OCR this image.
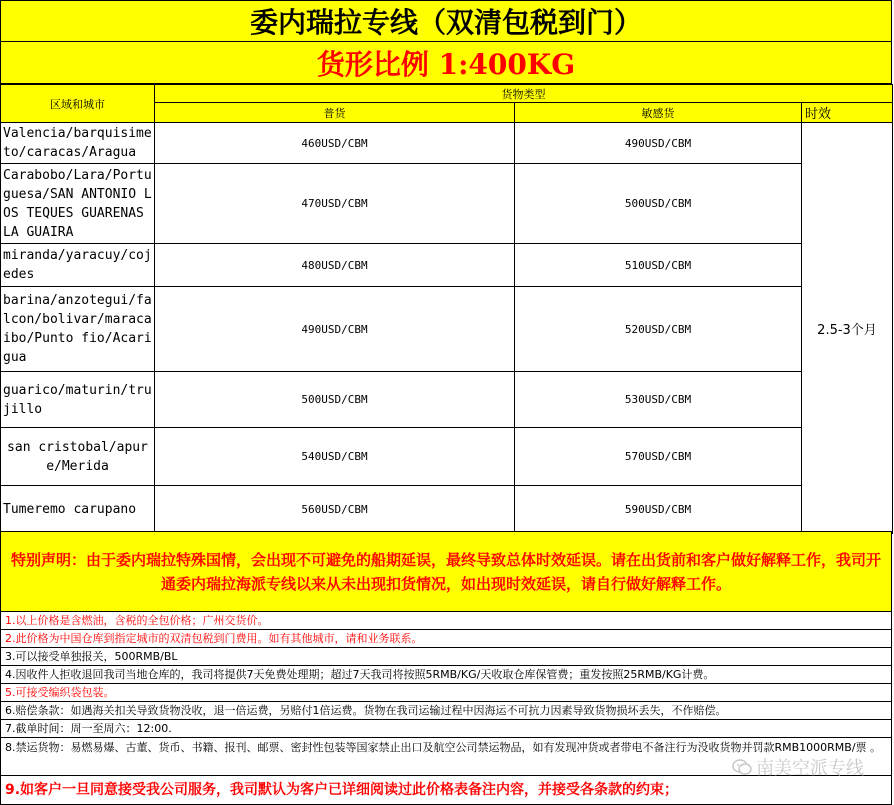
委内瑞拉专线（双清包税到门）
货形比例 1:400KG
区域和城市	货物类型		
	普货	敏感货	时效
Valencia/barquisimeto/caracas/Aragua	460USD/CBM	490USD/CBM	2.5-3个月
Carabobo/Lara/Portuguesa/SAN ANTONIO LOS TEQUES GUARENAS LA GUAIRA	470USD/CBM	500USD/CBM	
miranda/yaracuy/cojedes	480USD/CBM	510USD/CBM	
barina/anzotegui/falcon/bolivar/maracaibo/Punto fio/Acarigua	490USD/CBM	520USD/CBM	
guarico/maturin/trujillo	500USD/CBM	530USD/CBM	
san cristobal/apure/Merida	540USD/CBM	570USD/CBM	
Tumeremo carupano	560USD/CBM	590USD/CBM	
特别声明：由于委内瑞拉特殊国情，会出现不可避免的船期延误，最终导致总体时效延误。请在出货前和客户做好解释工作，我司开通委内瑞拉海派专线以来从未出现扣货情况，如出现时效延误，请自行做好解释工作。
1.以上价格是含燃油，含税的全包价格；广州交货价。
2.此价格为中国仓库到指定城市的双清包税到门费用。如有其他城市，请和业务联系。
3.可以接受单独报关，500RMB/BL
4.因收件人拒收退回我司当地仓库的，我司将提供7天免费处理期；超过7天我司将按照5RMB/KG/天收取仓库保管费；重发按照25RMB/KG计费。
5.可接受编织袋包装。
6.赔偿条款：如遇海关扣关导致货物没收，退一倍运费，另赔付1倍运费。货物在我司运输过程中因海运不可抗力因素导致货物损坏丢失，不作赔偿。
7.截单时间：周一至周六：12:00.
8.禁运货物：易燃易爆、古董、货币、书籍、报刊、邮票、密封性包装等国家禁止出口及航空公司禁运物品，如有发现冲货或者带电不备注行为没收货物并罚款RMB1000RMB/票 。
9.如客户一旦同意接受我公司服务，我司默认为客户已详细阅读过此价格表备注内容，并接受各条款的约束；
南美空派专线
